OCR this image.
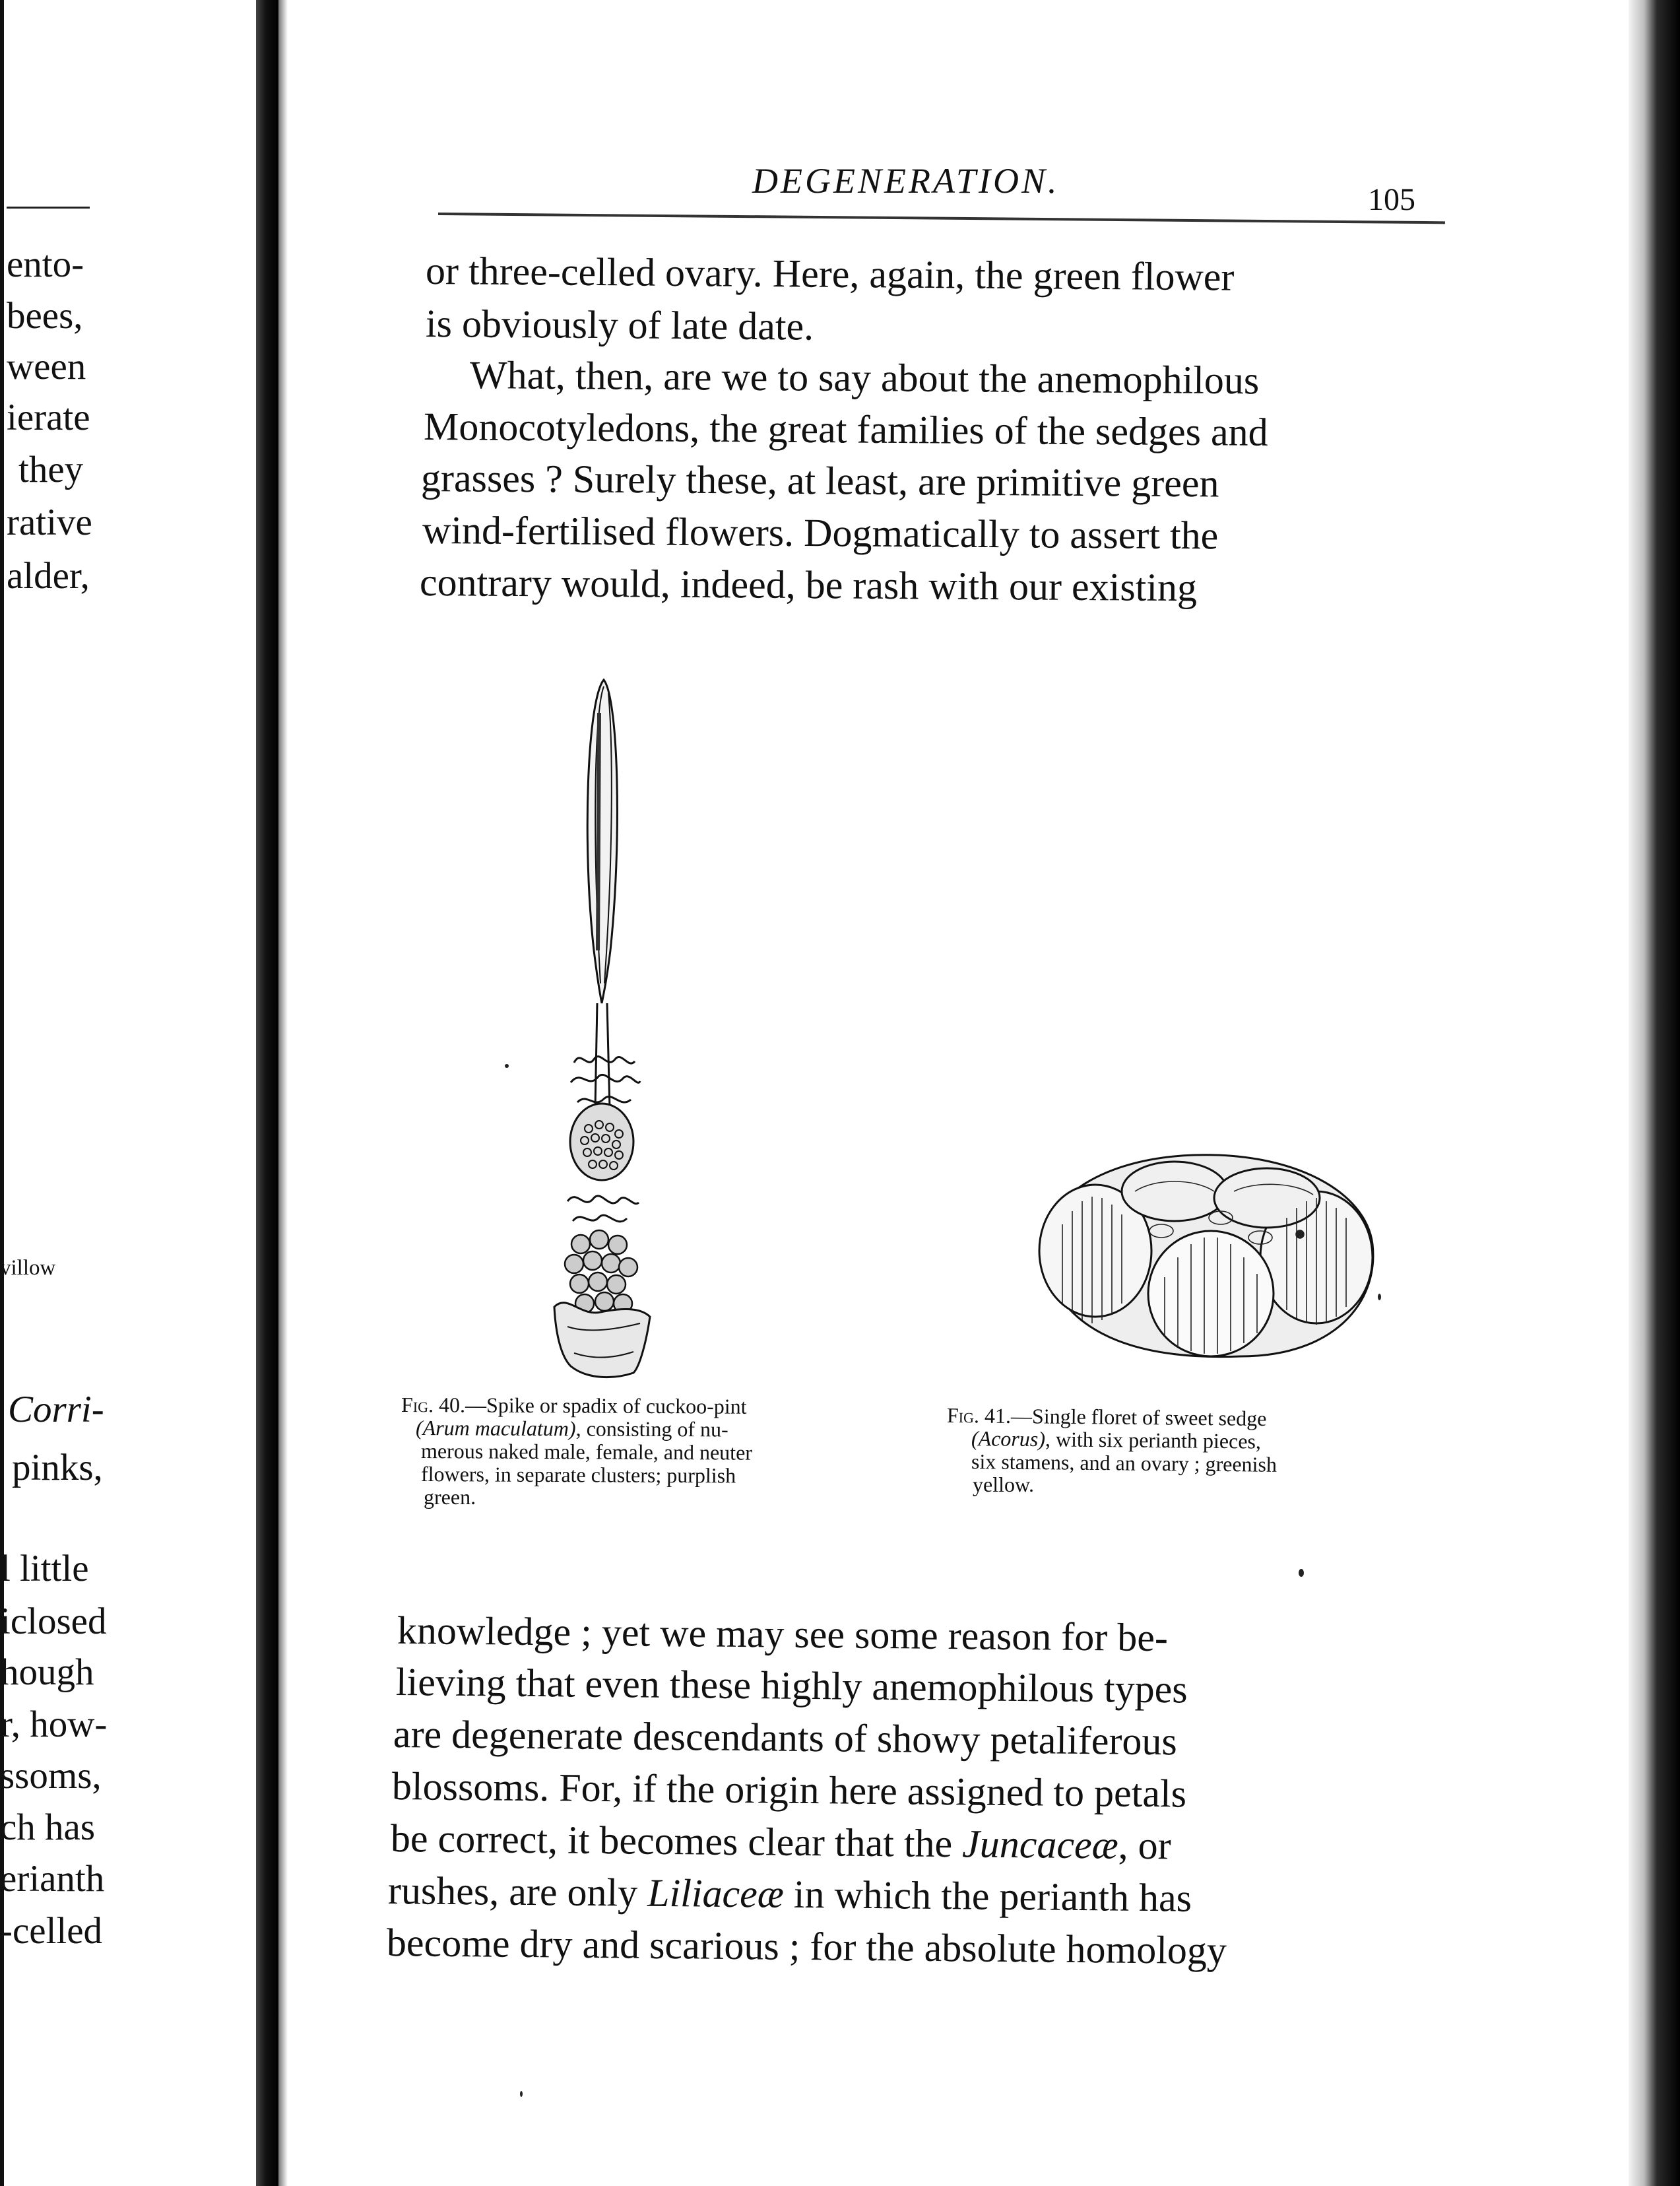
ento-
bees,
ween
ierate
they
rative
alder,
villow
Corri-
pinks,
l little
iclosed
hough
r, how-
ssoms,
ch has
erianth
-celled
DEGENERATION.	105
or three-celled ovary. Here, again, the green flower
is obviously of late date.
What, then, are we to say about the anemophilous
Monocotyledons, the great families of the sedges and
grasses ? Surely these, at least, are primitive green
wind-fertilised flowers. Dogmatically to assert the
contrary would, indeed, be rash with our existing
Fig. 40.—Spike or spadix of cuckoo-pint
(Arum maculatum), consisting of nu-
merous naked male, female, and neuter
flowers, in separate clusters; purplish
green.
Fig. 41.—Single floret of sweet sedge
(Acorus), with six perianth pieces,
six stamens, and an ovary ; greenish
yellow.
knowledge ; yet we may see some reason for be-
lieving that even these highly anemophilous types
are degenerate descendants of showy petaliferous
blossoms. For, if the origin here assigned to petals
be correct, it becomes clear that the Juncaceæ, or
rushes, are only Liliaceæ in which the perianth has
become dry and scarious ; for the absolute homology
